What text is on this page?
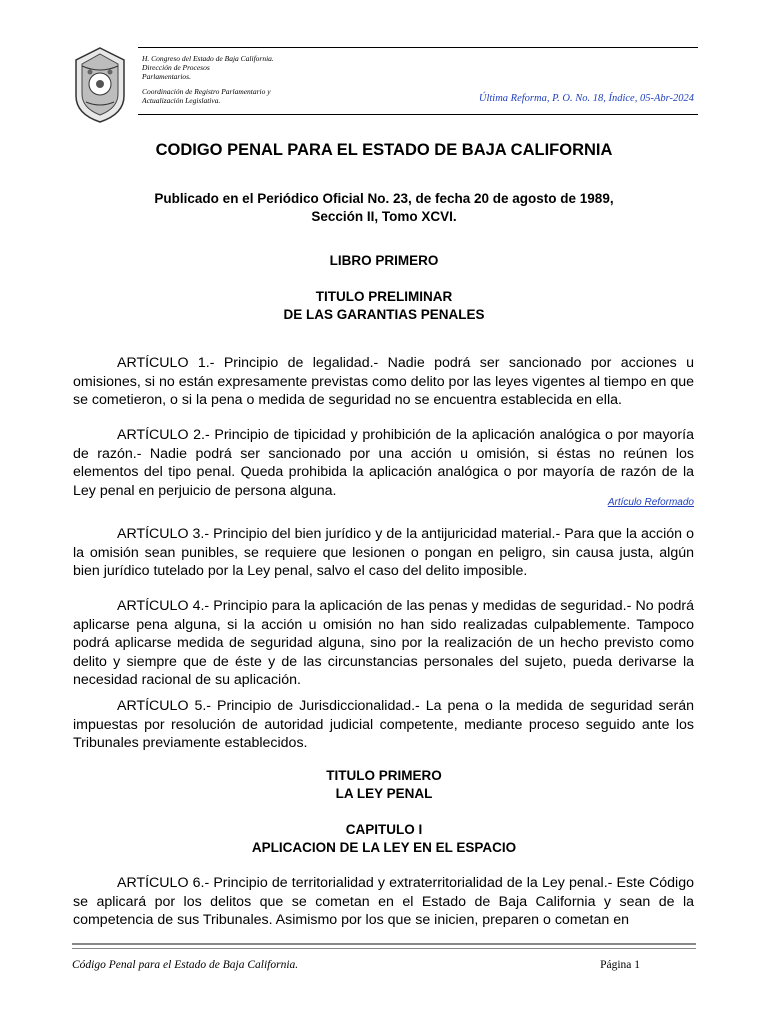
H. Congreso del Estado de Baja California.
Dirección de Procesos
Parlamentarios.
Coordinación de Registro Parlamentario y
Actualización Legislativa.	Última Reforma, P. O. No. 18, Índice, 05-Abr-2024
CODIGO PENAL PARA EL ESTADO DE BAJA CALIFORNIA
Publicado en el Periódico Oficial No. 23, de fecha 20 de agosto de 1989,
Sección II, Tomo XCVI.
LIBRO PRIMERO
TITULO PRELIMINAR
DE LAS GARANTIAS PENALES
ARTÍCULO 1.- Principio de legalidad.- Nadie podrá ser sancionado por acciones u omisiones, si no están expresamente previstas como delito por las leyes vigentes al tiempo en que se cometieron, o si la pena o medida de seguridad no se encuentra establecida en ella.
ARTÍCULO 2.- Principio de tipicidad y prohibición de la aplicación analógica o por mayoría de razón.- Nadie podrá ser sancionado por una acción u omisión, si éstas no reúnen los elementos del tipo penal. Queda prohibida la aplicación analógica o por mayoría de razón de la Ley penal en perjuicio de persona alguna.
Artículo Reformado
ARTÍCULO 3.- Principio del bien jurídico y de la antijuricidad material.- Para que la acción o la omisión sean punibles, se requiere que lesionen o pongan en peligro, sin causa justa, algún bien jurídico tutelado por la Ley penal, salvo el caso del delito imposible.
ARTÍCULO 4.- Principio para la aplicación de las penas y medidas de seguridad.- No podrá aplicarse pena alguna, si la acción u omisión no han sido realizadas culpablemente. Tampoco podrá aplicarse medida de seguridad alguna, sino por la realización de un hecho previsto como delito y siempre que de éste y de las circunstancias personales del sujeto, pueda derivarse la necesidad racional de su aplicación.
ARTÍCULO 5.- Principio de Jurisdiccionalidad.- La pena o la medida de seguridad serán impuestas por resolución de autoridad judicial competente, mediante proceso seguido ante los Tribunales previamente establecidos.
TITULO PRIMERO
LA LEY PENAL
CAPITULO I
APLICACION DE LA LEY EN EL ESPACIO
ARTÍCULO 6.- Principio de territorialidad y extraterritorialidad de la Ley penal.- Este Código se aplicará por los delitos que se cometan en el Estado de Baja California y sean de la competencia de sus Tribunales. Asimismo por los que se inicien, preparen o cometan en
Código Penal para el Estado de Baja California.	Página 1
